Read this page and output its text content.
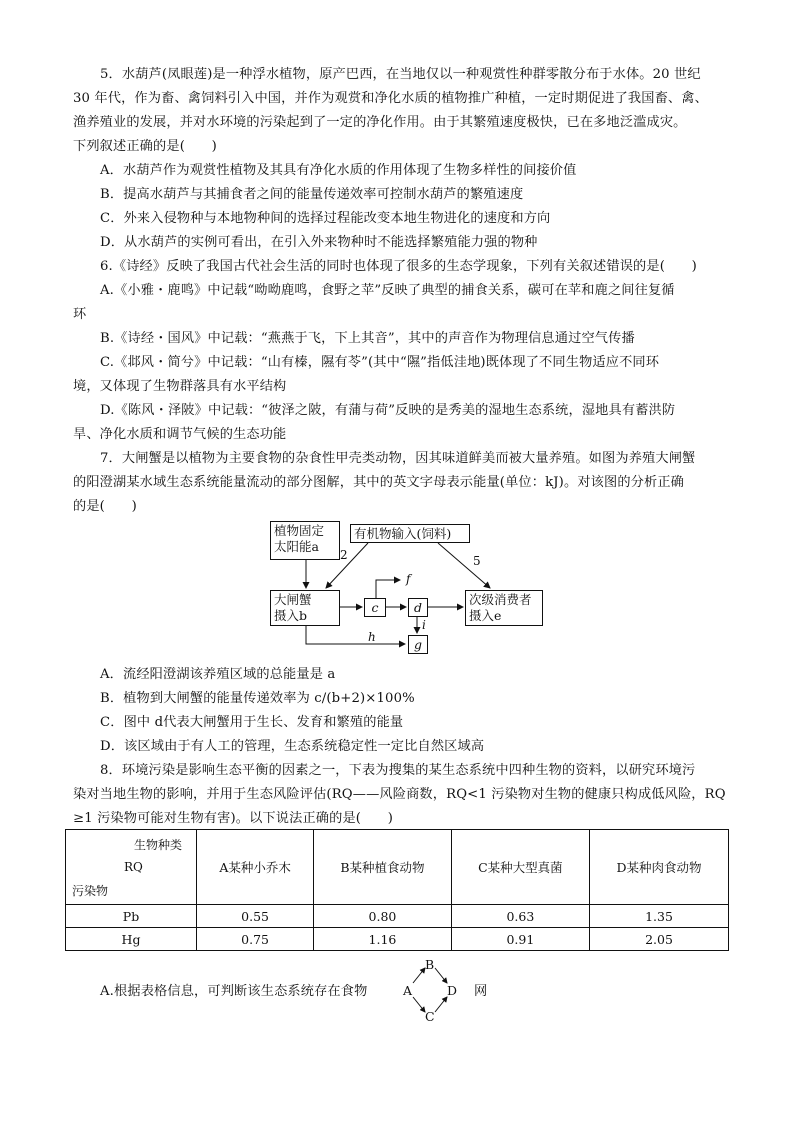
5．水葫芦(凤眼莲)是一种浮水植物，原产巴西，在当地仅以一种观赏性种群零散分布于水体。20 世纪
30 年代，作为畜、禽饲料引入中国，并作为观赏和净化水质的植物推广种植，一定时期促进了我国畜、禽、
渔养殖业的发展，并对水环境的污染起到了一定的净化作用。由于其繁殖速度极快，已在多地泛滥成灾。
下列叙述正确的是(　　)
A．水葫芦作为观赏性植物及其具有净化水质的作用体现了生物多样性的间接价值
B．提高水葫芦与其捕食者之间的能量传递效率可控制水葫芦的繁殖速度
C．外来入侵物种与本地物种间的选择过程能改变本地生物进化的速度和方向
D．从水葫芦的实例可看出，在引入外来物种时不能选择繁殖能力强的物种
6.《诗经》反映了我国古代社会生活的同时也体现了很多的生态学现象，下列有关叙述错误的是(　　)
A.《小雅・鹿鸣》中记载“呦呦鹿鸣，食野之苹”反映了典型的捕食关系，碳可在苹和鹿之间往复循
环
B.《诗经・国风》中记载：“燕燕于飞，下上其音”，其中的声音作为物理信息通过空气传播
C.《邶风・简兮》中记载：“山有榛，隰有苓”(其中“隰”指低洼地)既体现了不同生物适应不同环
境，又体现了生物群落具有水平结构
D.《陈风・泽陂》中记载：“彼泽之陂，有蒲与荷”反映的是秀美的湿地生态系统，湿地具有蓄洪防
旱、净化水质和调节气候的生态功能
7．大闸蟹是以植物为主要食物的杂食性甲壳类动物，因其味道鲜美而被大量养殖。如图为养殖大闸蟹
的阳澄湖某水域生态系统能量流动的部分图解，其中的英文字母表示能量(单位：kJ)。对该图的分析正确
的是(　　)
植物固定
太阳能a
有机物输入(饲料)
大闸蟹
摄入b
c	d
g
次级消费者
摄入e
2	5
f
i
h
A．流经阳澄湖该养殖区域的总能量是 a
B．植物到大闸蟹的能量传递效率为 c/(b+2)×100%
C．图中 d代表大闸蟹用于生长、发育和繁殖的能量
D．该区域由于有人工的管理，生态系统稳定性一定比自然区域高
8．环境污染是影响生态平衡的因素之一，下表为搜集的某生态系统中四种生物的资料，以研究环境污
染对当地生物的影响，并用于生态风险评估(RQ——风险商数，RQ<1 污染物对生物的健康只构成低风险，RQ
≥1 污染物可能对生物有害)。以下说法正确的是(　　)
生物种类
RQ
污染物	A某种小乔木	B某种植食动物	C某种大型真菌	D某种肉食动物
Pb	0.55	0.80	0.63	1.35
Hg	0.75	1.16	0.91	2.05
A.根据表格信息，可判断该生态系统存在食物	A
B
C
D 网
